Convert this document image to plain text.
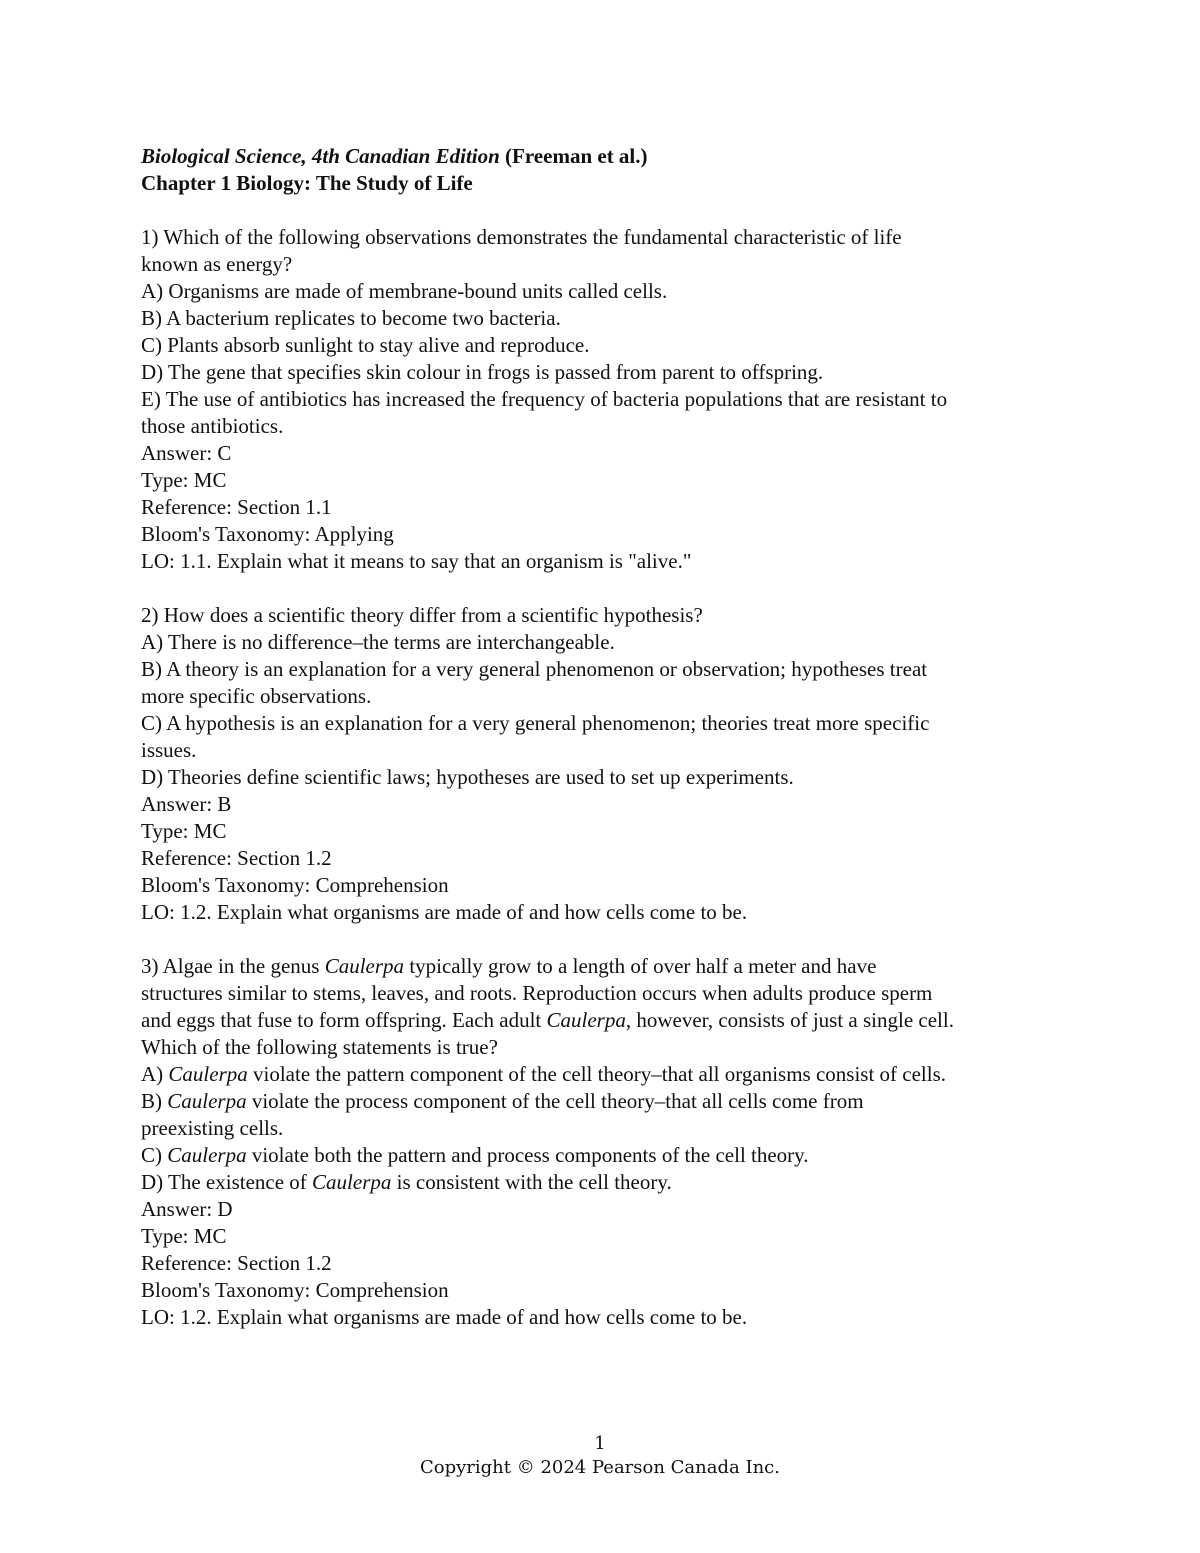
Biological Science, 4th Canadian Edition (Freeman et al.)
Chapter 1 Biology: The Study of Life
1) Which of the following observations demonstrates the fundamental characteristic of life
known as energy?
A) Organisms are made of membrane-bound units called cells.
B) A bacterium replicates to become two bacteria.
C) Plants absorb sunlight to stay alive and reproduce.
D) The gene that specifies skin colour in frogs is passed from parent to offspring.
E) The use of antibiotics has increased the frequency of bacteria populations that are resistant to
those antibiotics.
Answer: C
Type: MC
Reference: Section 1.1
Bloom's Taxonomy: Applying
LO: 1.1. Explain what it means to say that an organism is "alive."
2) How does a scientific theory differ from a scientific hypothesis?
A) There is no difference–the terms are interchangeable.
B) A theory is an explanation for a very general phenomenon or observation; hypotheses treat
more specific observations.
C) A hypothesis is an explanation for a very general phenomenon; theories treat more specific
issues.
D) Theories define scientific laws; hypotheses are used to set up experiments.
Answer: B
Type: MC
Reference: Section 1.2
Bloom's Taxonomy: Comprehension
LO: 1.2. Explain what organisms are made of and how cells come to be.
3) Algae in the genus Caulerpa typically grow to a length of over half a meter and have
structures similar to stems, leaves, and roots. Reproduction occurs when adults produce sperm
and eggs that fuse to form offspring. Each adult Caulerpa, however, consists of just a single cell.
Which of the following statements is true?
A) Caulerpa violate the pattern component of the cell theory–that all organisms consist of cells.
B) Caulerpa violate the process component of the cell theory–that all cells come from
preexisting cells.
C) Caulerpa violate both the pattern and process components of the cell theory.
D) The existence of Caulerpa is consistent with the cell theory.
Answer: D
Type: MC
Reference: Section 1.2
Bloom's Taxonomy: Comprehension
LO: 1.2. Explain what organisms are made of and how cells come to be.
1
Copyright © 2024 Pearson Canada Inc.
